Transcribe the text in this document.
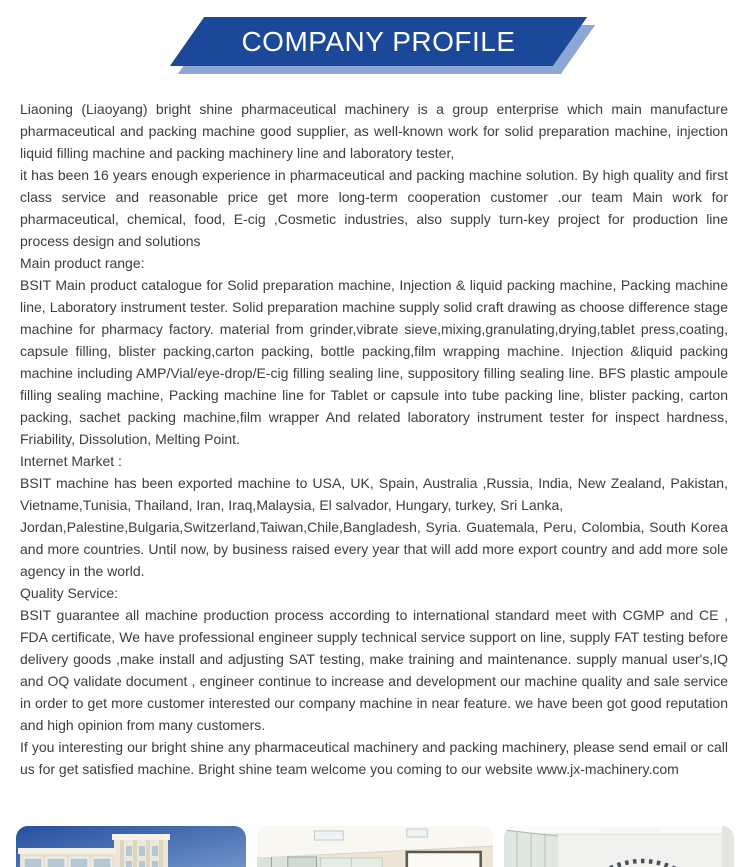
COMPANY PROFILE

Liaoning (Liaoyang) bright shine pharmaceutical machinery is a group enterprise which main manufacture pharmaceutical and packing machine good supplier, as well-known work for solid preparation machine, injection liquid filling machine and packing machinery line and laboratory tester,

it has been 16 years enough experience in pharmaceutical and packing machine solution. By high quality and first class service and reasonable price get more long-term cooperation customer .our team Main work for pharmaceutical, chemical, food, E-cig ,Cosmetic industries, also supply turn-key project for production line process design and solutions

Main product range:

BSIT Main product catalogue for Solid preparation machine, Injection & liquid packing machine, Packing machine line, Laboratory instrument tester. Solid preparation machine supply solid craft drawing as choose difference stage machine for pharmacy factory. material from grinder,vibrate sieve,mixing,granulating,drying,tablet press,coating, capsule filling, blister packing,carton packing, bottle packing,film wrapping machine. Injection &liquid packing machine including AMP/Vial/eye-drop/E-cig filling sealing line, suppository filling sealing line. BFS plastic ampoule filling sealing machine, Packing machine line for Tablet or capsule into tube packing line, blister packing, carton packing, sachet packing machine,film wrapper And related laboratory instrument tester for inspect hardness, Friability, Dissolution, Melting Point.

Internet Market :

BSIT machine has been exported machine to USA, UK, Spain, Australia ,Russia, India, New Zealand, Pakistan, Vietname,Tunisia, Thailand, Iran, Iraq,Malaysia, El salvador, Hungary, turkey, Sri Lanka,

Jordan,Palestine,Bulgaria,Switzerland,Taiwan,Chile,Bangladesh, Syria. Guatemala, Peru, Colombia, South Korea and more countries. Until now, by business raised every year that will add more export country and add more sole agency in the world.

Quality Service:

BSIT guarantee all machine production process according to international standard meet with CGMP and CE , FDA certificate, We have professional engineer supply technical service support on line, supply FAT testing before delivery goods ,make install and adjusting SAT testing, make training and maintenance. supply manual user's,IQ and OQ validate document , engineer continue to increase and development our machine quality and sale service in order to get more customer interested our company machine in near feature. we have been got good reputation and high opinion from many customers.

If you interesting our bright shine any pharmaceutical machinery and packing machinery, please send email or call us for get satisfied machine. Bright shine team welcome you coming to our website www.jx-machinery.com
